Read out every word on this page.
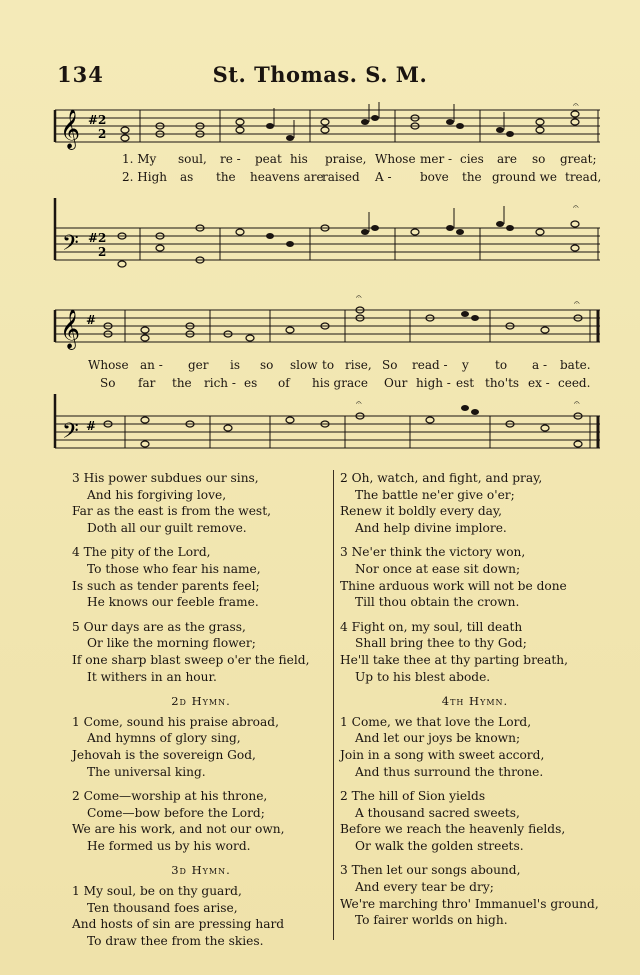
134	St. Thomas. S. M.
𝄞 # 2
2
𝄐
1. My soul, re - peat his praise, Whose mer - cies are so great;
2. High as the heavens are
raised A - bove the ground we tread,
𝄢 # 2
2
𝄐
𝄞 #
𝄐
𝄐
Whose an - ger is so slow to rise, So read - y to a - bate.
So far the rich - es of his grace Our high - est tho'ts ex - ceed.
𝄢 #
𝄐	𝄐
3 His power subdues our sins,
And his forgiving love,
Far as the east is from the west,
Doth all our guilt remove.
4 The pity of the Lord,
To those who fear his name,
Is such as tender parents feel;
He knows our feeble frame.
5 Our days are as the grass,
Or like the morning flower;
If one sharp blast sweep o'er the field,
It withers in an hour.
2d Hymn.
1 Come, sound his praise abroad,
And hymns of glory sing,
Jehovah is the sovereign God,
The universal king.
2 Come—worship at his throne,
Come—bow before the Lord;
We are his work, and not our own,
He formed us by his word.
3d Hymn.
1 My soul, be on thy guard,
Ten thousand foes arise,
And hosts of sin are pressing hard
To draw thee from the skies.
2 Oh, watch, and fight, and pray,
The battle ne'er give o'er;
Renew it boldly every day,
And help divine implore.
3 Ne'er think the victory won,
Nor once at ease sit down;
Thine arduous work will not be done
Till thou obtain the crown.
4 Fight on, my soul, till death
Shall bring thee to thy God;
He'll take thee at thy parting breath,
Up to his blest abode.
4th Hymn.
1 Come, we that love the Lord,
And let our joys be known;
Join in a song with sweet accord,
And thus surround the throne.
2 The hill of Sion yields
A thousand sacred sweets,
Before we reach the heavenly fields,
Or walk the golden streets.
3 Then let our songs abound,
And every tear be dry;
We're marching thro' Immanuel's ground,
To fairer worlds on high.
